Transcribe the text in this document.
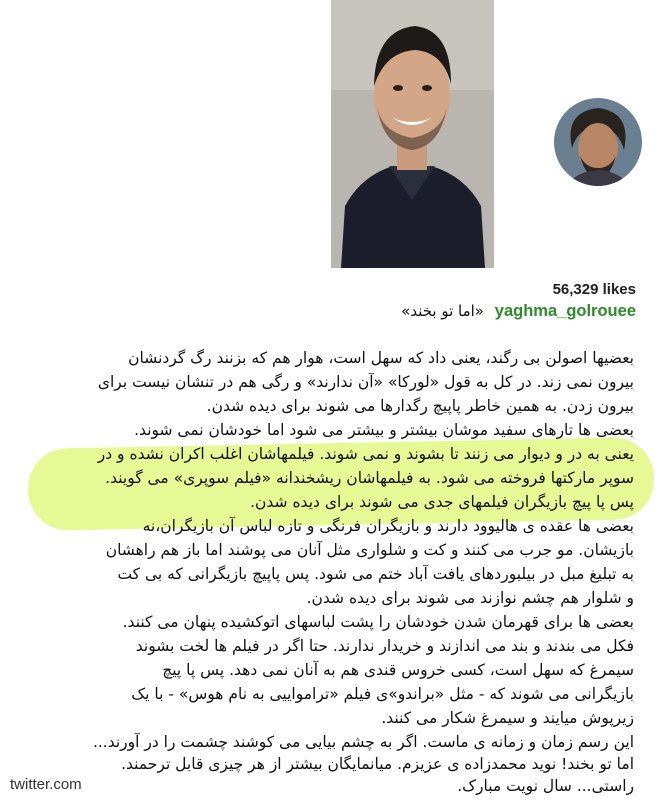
56,329 likes
yaghma_golrouee «اما تو بخند»
بعضیها اصولن بی رگند، یعنی داد که سهل است، هوار هم که بزنند رگ گردنشان
بیرون نمی زند. در کل به قول «لورکا» «آن ندارند» و رگی هم در تنشان نیست برای
بیرون زدن. به همین خاطر پاپیچ رگدارها می شوند برای دیده شدن.
بعضی ها تارهای سفید موشان بیشتر و بیشتر می شود اما خودشان نمی شوند.
یعنی به در و دیوار می زنند تا بشوند و نمی شوند. فیلمهاشان اغلب اکران نشده و در
سوپر مارکتها فروخته می شود. به فیلمهاشان ریشخندانه «فیلم سوپری» می گویند.
پس پا پیچ بازیگران فیلمهای جدی می شوند برای دیده شدن.
بعضی ها عقده ی هالیوود دارند و بازیگران فرنگی و تازه لباس آن بازیگران،نه
بازیشان. مو جرب می کنند و کت و شلواری مثل آنان می پوشند اما باز هم راهشان
به تبلیغ مبل در بیلبوردهای یافت آباد ختم می شود. پس پاپیچ بازیگرانی که بی کت
و شلوار هم چشم نوازند می شوند برای دیده شدن.
بعضی ها برای قهرمان شدن خودشان را پشت لباسهای اتوکشیده پنهان می کنند.
فکل می بندند و بند می اندازند و خریدار ندارند. حتا اگر در فیلم ها لخت بشوند
سیمرغ که سهل است، کسی خروس قندی هم به آنان نمی دهد. پس پا پیچ
بازیگرانی می شوند که - مثل «براندو»ی فیلم «ترامواییی به نام هوس» - با یک
زیرپوش میایند و سیمرغ شکار می کنند.
این رسم زمان و زمانه ی ماست. اگر به چشم بیایی می کوشند چشمت را در آورند...
اما تو بخند! نوید محمدزاده ی عزیزم. میانمایگان بیشتر از هر چیزی قابل ترحمند.
راستی... سال نویت مبارک.
twitter.com
